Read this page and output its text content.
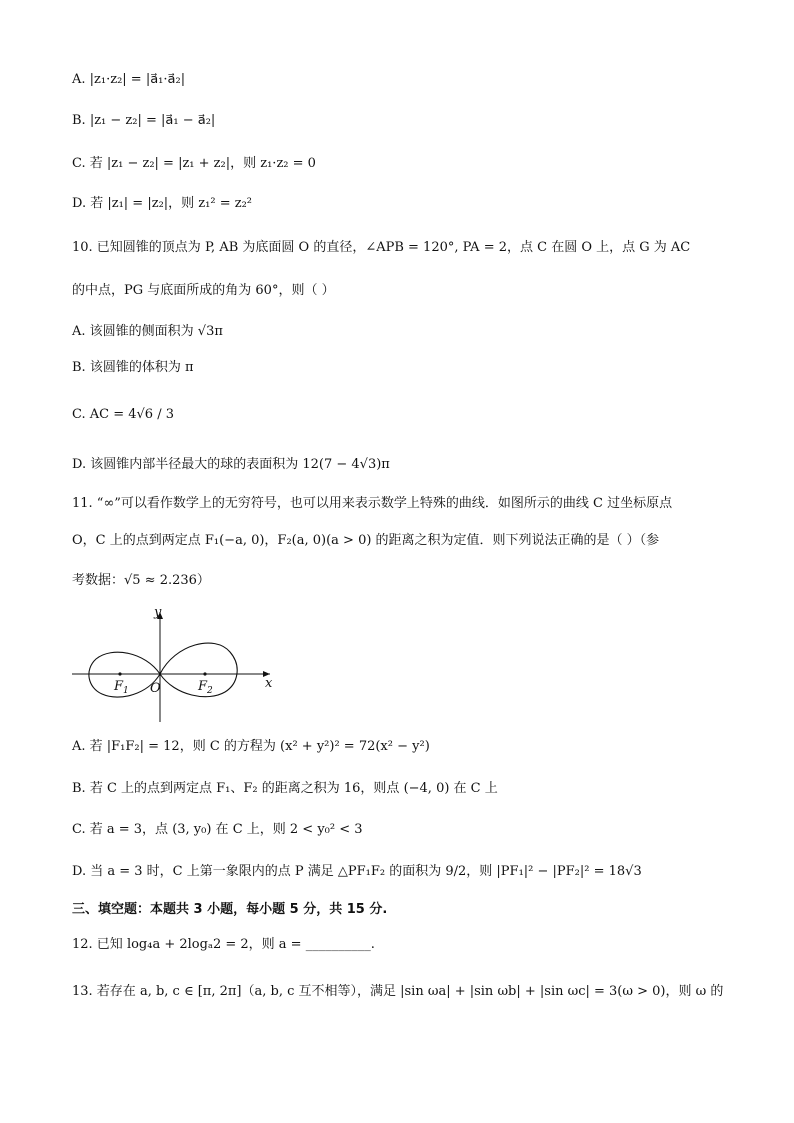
A. |z₁·z₂| = |a⃗₁·a⃗₂|
B. |z₁ − z₂| = |a⃗₁ − a⃗₂|
C. 若 |z₁ − z₂| = |z₁ + z₂|，则 z₁·z₂ = 0
D. 若 |z₁| = |z₂|，则 z₁² = z₂²
10. 已知圆锥的顶点为 P, AB 为底面圆 O 的直径，∠APB = 120°, PA = 2，点 C 在圆 O 上，点 G 为 AC
的中点，PG 与底面所成的角为 60°，则（ ）
A. 该圆锥的侧面积为 √3π
B. 该圆锥的体积为 π
C. AC = 4√6 / 3
D. 该圆锥内部半径最大的球的表面积为 12(7 − 4√3)π
11. “∞”可以看作数学上的无穷符号，也可以用来表示数学上特殊的曲线．如图所示的曲线 C 过坐标原点
O，C 上的点到两定点 F₁(−a, 0)，F₂(a, 0)(a > 0) 的距离之积为定值．则下列说法正确的是（ ）（参
考数据：√5 ≈ 2.236）
x
y
O
$F_1$	$F_2$
A. 若 |F₁F₂| = 12，则 C 的方程为 (x² + y²)² = 72(x² − y²)
B. 若 C 上的点到两定点 F₁、F₂ 的距离之积为 16，则点 (−4, 0) 在 C 上
C. 若 a = 3，点 (3, y₀) 在 C 上，则 2 < y₀² < 3
D. 当 a = 3 时，C 上第一象限内的点 P 满足 △PF₁F₂ 的面积为 9/2，则 |PF₁|² − |PF₂|² = 18√3
三、填空题：本题共 3 小题，每小题 5 分，共 15 分.
12. 已知 log₄a + 2logₐ2 = 2，则 a = __________.
13. 若存在 a, b, c ∈ [π, 2π]（a, b, c 互不相等），满足 |sin ωa| + |sin ωb| + |sin ωc| = 3(ω > 0)，则 ω 的
